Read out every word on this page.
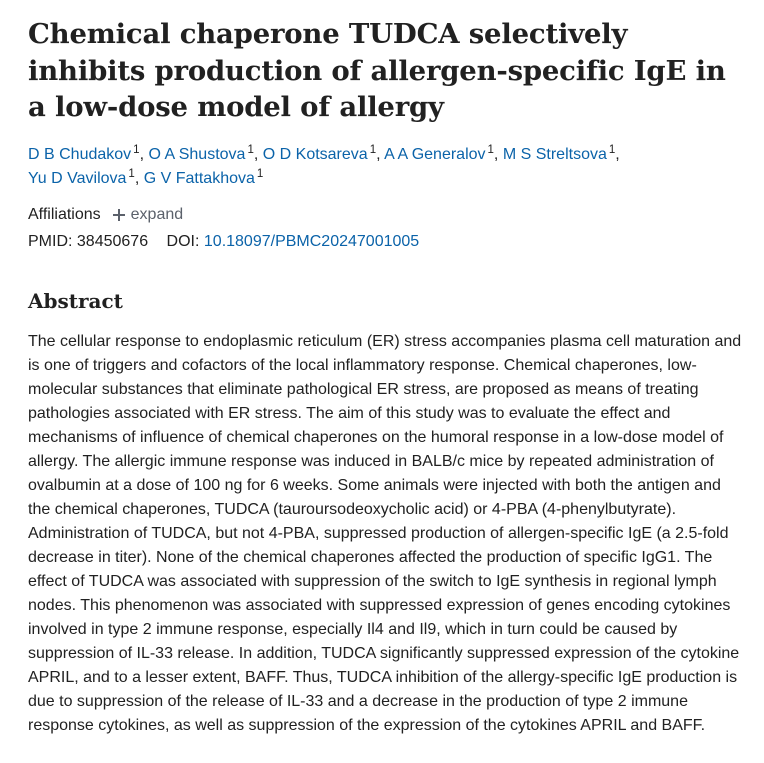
Chemical chaperone TUDCA selectively inhibits production of allergen-specific IgE in a low-dose model of allergy
D B Chudakov $^1$, O A Shustova $^1$, O D Kotsareva $^1$, A A Generalov $^1$, M S Streltsova $^1$,
Yu D Vavilova $^1$, G V Fattakhova $^1$
Affiliations expand
PMID: 38450676 DOI: 10.18097/PBMC20247001005
Abstract
The cellular response to endoplasmic reticulum (ER) stress accompanies plasma cell maturation and is one of triggers and cofactors of the local inflammatory response. Chemical chaperones, low-molecular substances that eliminate pathological ER stress, are proposed as means of treating pathologies associated with ER stress. The aim of this study was to evaluate the effect and mechanisms of influence of chemical chaperones on the humoral response in a low-dose model of allergy. The allergic immune response was induced in BALB/c mice by repeated administration of ovalbumin at a dose of 100 ng for 6 weeks. Some animals were injected with both the antigen and the chemical chaperones, TUDCA (tauroursodeoxycholic acid) or 4-PBA (4-phenylbutyrate). Administration of TUDCA, but not 4-PBA, suppressed production of allergen-specific IgE (a 2.5-fold decrease in titer). None of the chemical chaperones affected the production of specific IgG1. The effect of TUDCA was associated with suppression of the switch to IgE synthesis in regional lymph nodes. This phenomenon was associated with suppressed expression of genes encoding cytokines involved in type 2 immune response, especially Il4 and Il9, which in turn could be caused by suppression of IL-33 release. In addition, TUDCA significantly suppressed expression of the cytokine APRIL, and to a lesser extent, BAFF. Thus, TUDCA inhibition of the allergy-specific IgE production is due to suppression of the release of IL-33 and a decrease in the production of type 2 immune response cytokines, as well as suppression of the expression of the cytokines APRIL and BAFF.
